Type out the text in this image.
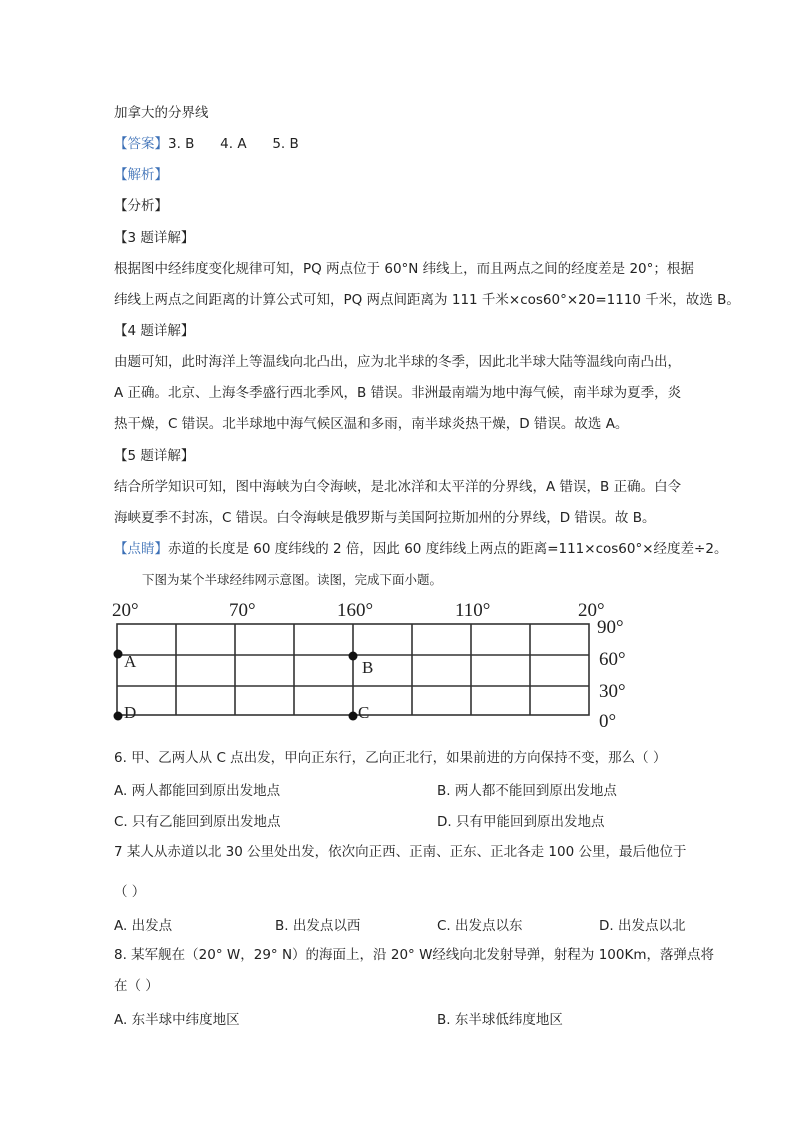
加拿大的分界线
【答案】3. B      4. A      5. B
【解析】
【分析】
【3 题详解】
根据图中经纬度变化规律可知，PQ 两点位于 60°N 纬线上，而且两点之间的经度差是 20°；根据
纬线上两点之间距离的计算公式可知，PQ 两点间距离为 111 千米×cos60°×20=1110 千米，故选 B。
【4 题详解】
由题可知，此时海洋上等温线向北凸出，应为北半球的冬季，因此北半球大陆等温线向南凸出，
A 正确。北京、上海冬季盛行西北季风，B 错误。非洲最南端为地中海气候，南半球为夏季，炎
热干燥，C 错误。北半球地中海气候区温和多雨，南半球炎热干燥，D 错误。故选 A。
【5 题详解】
结合所学知识可知，图中海峡为白令海峡，是北冰洋和太平洋的分界线，A 错误，B 正确。白令
海峡夏季不封冻，C 错误。白令海峡是俄罗斯与美国阿拉斯加州的分界线，D 错误。故 B。
【点睛】赤道的长度是 60 度纬线的 2 倍，因此 60 度纬线上两点的距离=111×cos60°×经度差÷2。
下图为某个半球经纬网示意图。读图，完成下面小题。
20°	70°	160°	110°	20°
90°
60°
30°
0°
A	B
C
D
6. 甲、乙两人从 C 点出发，甲向正东行，乙向正北行，如果前进的方向保持不变，那么（ ）
A. 两人都能回到原出发地点	B. 两人都不能回到原出发地点
C. 只有乙能回到原出发地点	D. 只有甲能回到原出发地点
7 某人从赤道以北 30 公里处出发，依次向正西、正南、正东、正北各走 100 公里，最后他位于
（ ）
A. 出发点	B. 出发点以西	C. 出发点以东	D. 出发点以北
8. 某军舰在（20° W，29° N）的海面上，沿 20° W经线向北发射导弹，射程为 100Km，落弹点将
在（ ）
A. 东半球中纬度地区	B. 东半球低纬度地区
